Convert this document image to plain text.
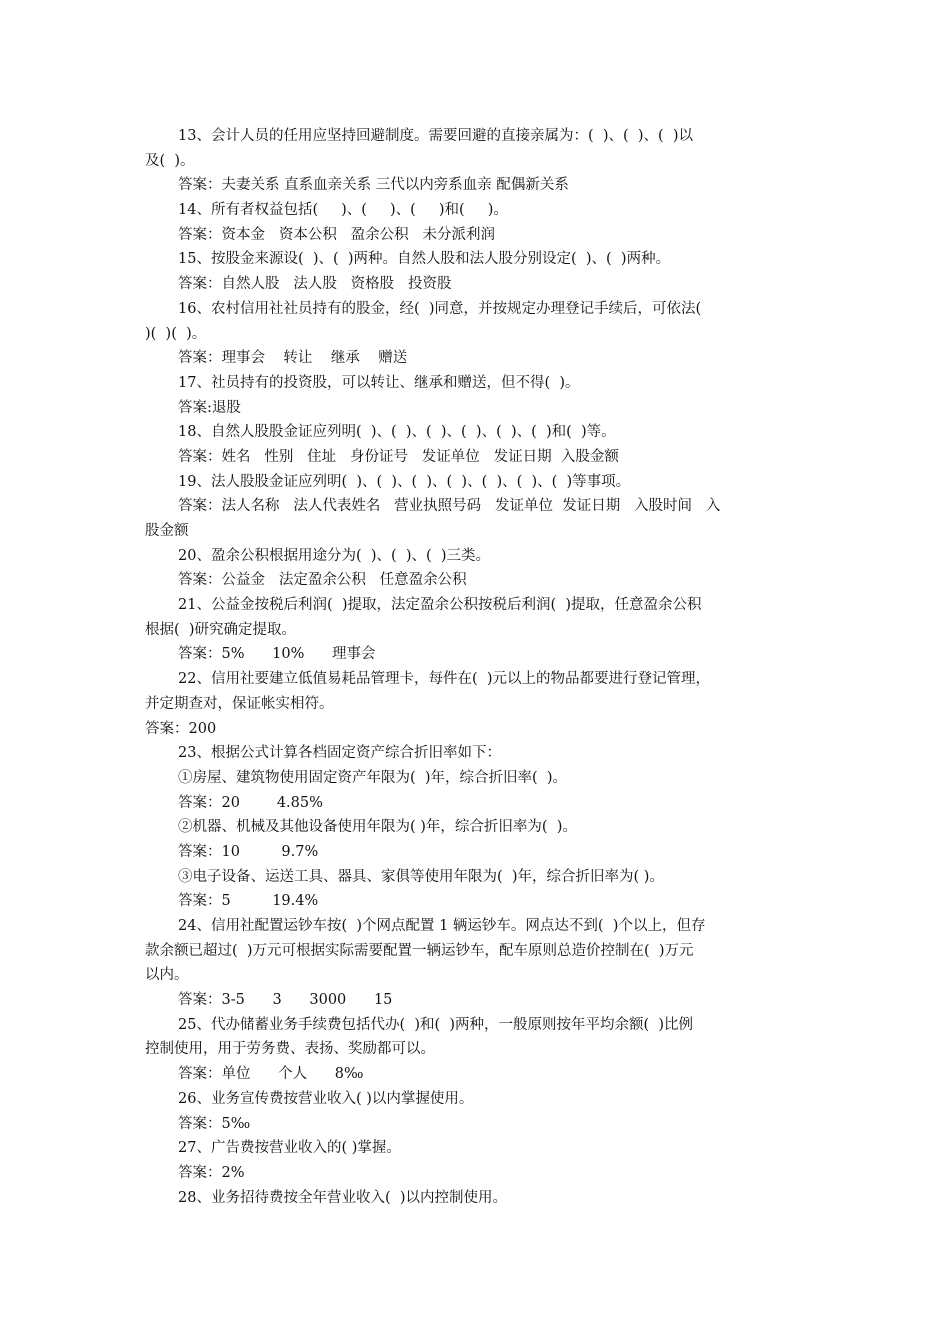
13、会计人员的任用应坚持回避制度。需要回避的直接亲属为：(  )、(  )、(  )以
及(  )。
答案：夫妻关系 直系血亲关系 三代以内旁系血亲 配偶新关系
14、所有者权益包括(     )、(     )、(     )和(     )。
答案：资本金   资本公积   盈余公积   未分派利润
15、按股金来源设(  )、(  )两种。自然人股和法人股分别设定(  )、(  )两种。
答案：自然人股   法人股   资格股   投资股
16、农村信用社社员持有的股金，经(  )同意，并按规定办理登记手续后，可依法(
)(  )(  )。
答案：理事会    转让    继承    赠送
17、社员持有的投资股，可以转让、继承和赠送，但不得(  )。
答案:退股
18、自然人股股金证应列明(  )、(  )、(  )、(  )、(  )、(  )和(  )等。
答案：姓名   性别   住址   身份证号   发证单位   发证日期  入股金额
19、法人股股金证应列明(  )、(  )、(  )、(  )、(  )、(  )、(  )等事项。
答案：法人名称   法人代表姓名   营业执照号码   发证单位  发证日期   入股时间   入
股金额
20、盈余公积根据用途分为(  )、(  )、(  )三类。
答案：公益金   法定盈余公积   任意盈余公积
21、公益金按税后利润(  )提取，法定盈余公积按税后利润(  )提取，任意盈余公积
根据(  )研究确定提取。
答案：5%      10%      理事会
22、信用社要建立低值易耗品管理卡，每件在(  )元以上的物品都要进行登记管理，
并定期查对，保证帐实相符。
答案：200
23、根据公式计算各档固定资产综合折旧率如下：
①房屋、建筑物使用固定资产年限为(  )年，综合折旧率(  )。
答案：20        4.85%
②机器、机械及其他设备使用年限为( )年，综合折旧率为(  )。
答案：10         9.7%
③电子设备、运送工具、器具、家俱等使用年限为(  )年，综合折旧率为( )。
答案：5         19.4%
24、信用社配置运钞车按(  )个网点配置 1 辆运钞车。网点达不到(  )个以上，但存
款余额已超过(  )万元可根据实际需要配置一辆运钞车，配车原则总造价控制在(  )万元
以内。
答案：3-5      3      3000      15
25、代办储蓄业务手续费包括代办(  )和(  )两种，一般原则按年平均余额(  )比例
控制使用，用于劳务费、表扬、奖励都可以。
答案：单位      个人      8‰
26、业务宣传费按营业收入( )以内掌握使用。
答案：5‰
27、广告费按营业收入的( )掌握。
答案：2%
28、业务招待费按全年营业收入(  )以内控制使用。
